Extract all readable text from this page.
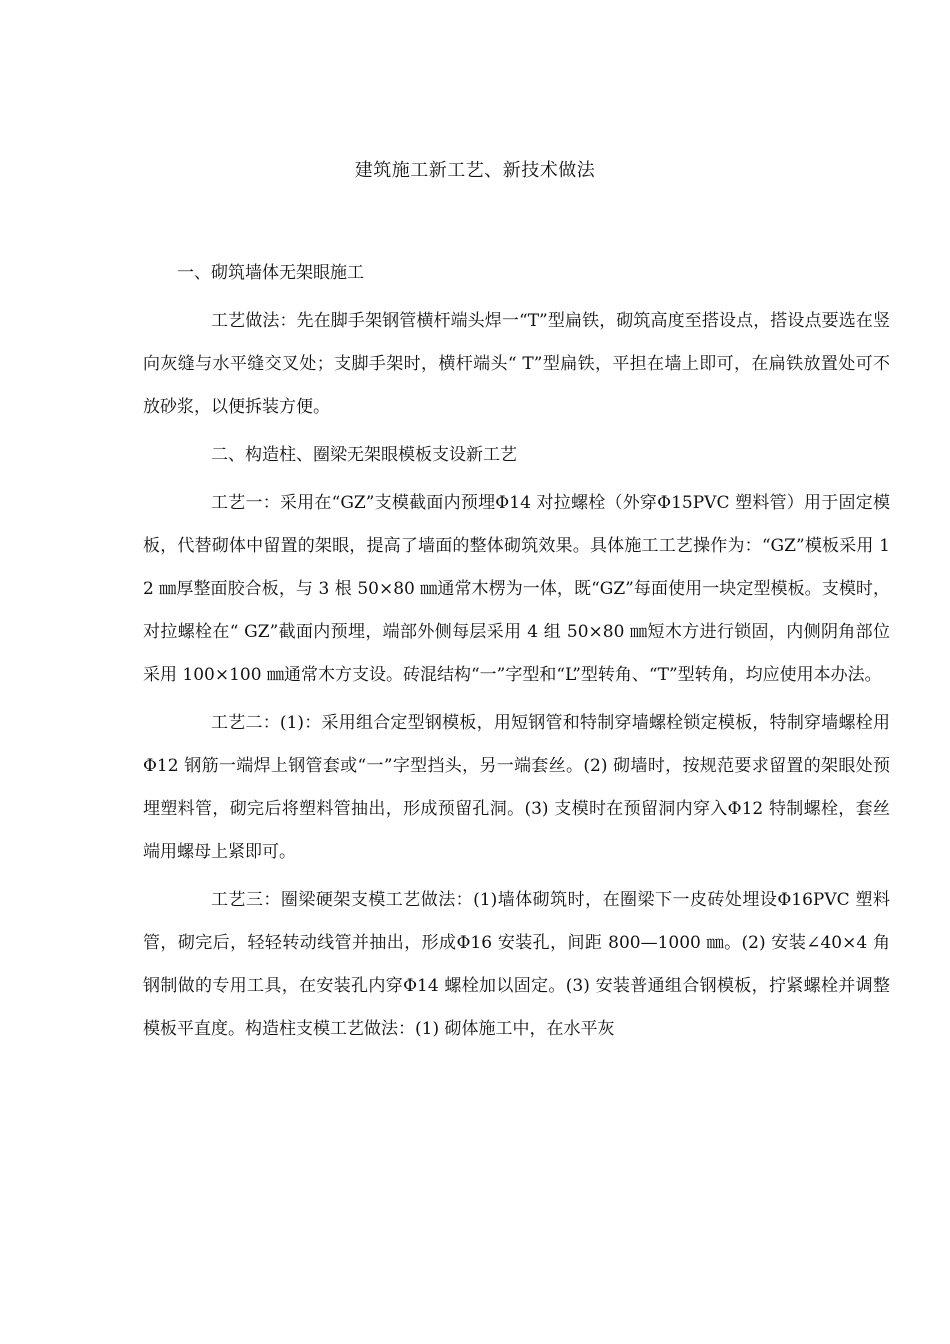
建筑施工新工艺、新技术做法

一、砌筑墙体无架眼施工

工艺做法：先在脚手架钢管横杆端头焊一“T”型扁铁，砌筑高度至搭设点，搭设点要选在竖向灰缝与水平缝交叉处；支脚手架时，横杆端头“ T”型扁铁，平担在墙上即可，在扁铁放置处可不放砂浆，以便拆装方便。

二、构造柱、圈梁无架眼模板支设新工艺

工艺一：采用在“GZ”支模截面内预埋Φ14 对拉螺栓（外穿Φ15PVC 塑料管）用于固定模板，代替砌体中留置的架眼，提高了墙面的整体砌筑效果。具体施工工艺操作为：“GZ”模板采用 12 ㎜厚整面胶合板，与 3 根 50×80 ㎜通常木楞为一体，既“GZ”每面使用一块定型模板。支模时，对拉螺栓在“ GZ”截面内预埋，端部外侧每层采用 4 组 50×80 ㎜短木方进行锁固，内侧阴角部位采用 100×100 ㎜通常木方支设。砖混结构“一”字型和“L”型转角、“T”型转角，均应使用本办法。

工艺二：(1)：采用组合定型钢模板，用短钢管和特制穿墙螺栓锁定模板，特制穿墙螺栓用Φ12 钢筋一端焊上钢管套或“一”字型挡头，另一端套丝。(2) 砌墙时，按规范要求留置的架眼处预埋塑料管，砌完后将塑料管抽出，形成预留孔洞。(3) 支模时在预留洞内穿入Φ12 特制螺栓，套丝端用螺母上紧即可。

工艺三：圈梁硬架支模工艺做法：(1)墙体砌筑时，在圈梁下一皮砖处埋设Φ16PVC 塑料管，砌完后，轻轻转动线管并抽出，形成Φ16 安装孔，间距 800—1000 ㎜。(2) 安装∠40×4 角钢制做的专用工具，在安装孔内穿Φ14 螺栓加以固定。(3) 安装普通组合钢模板，拧紧螺栓并调整模板平直度。构造柱支模工艺做法：(1) 砌体施工中，在水平灰
